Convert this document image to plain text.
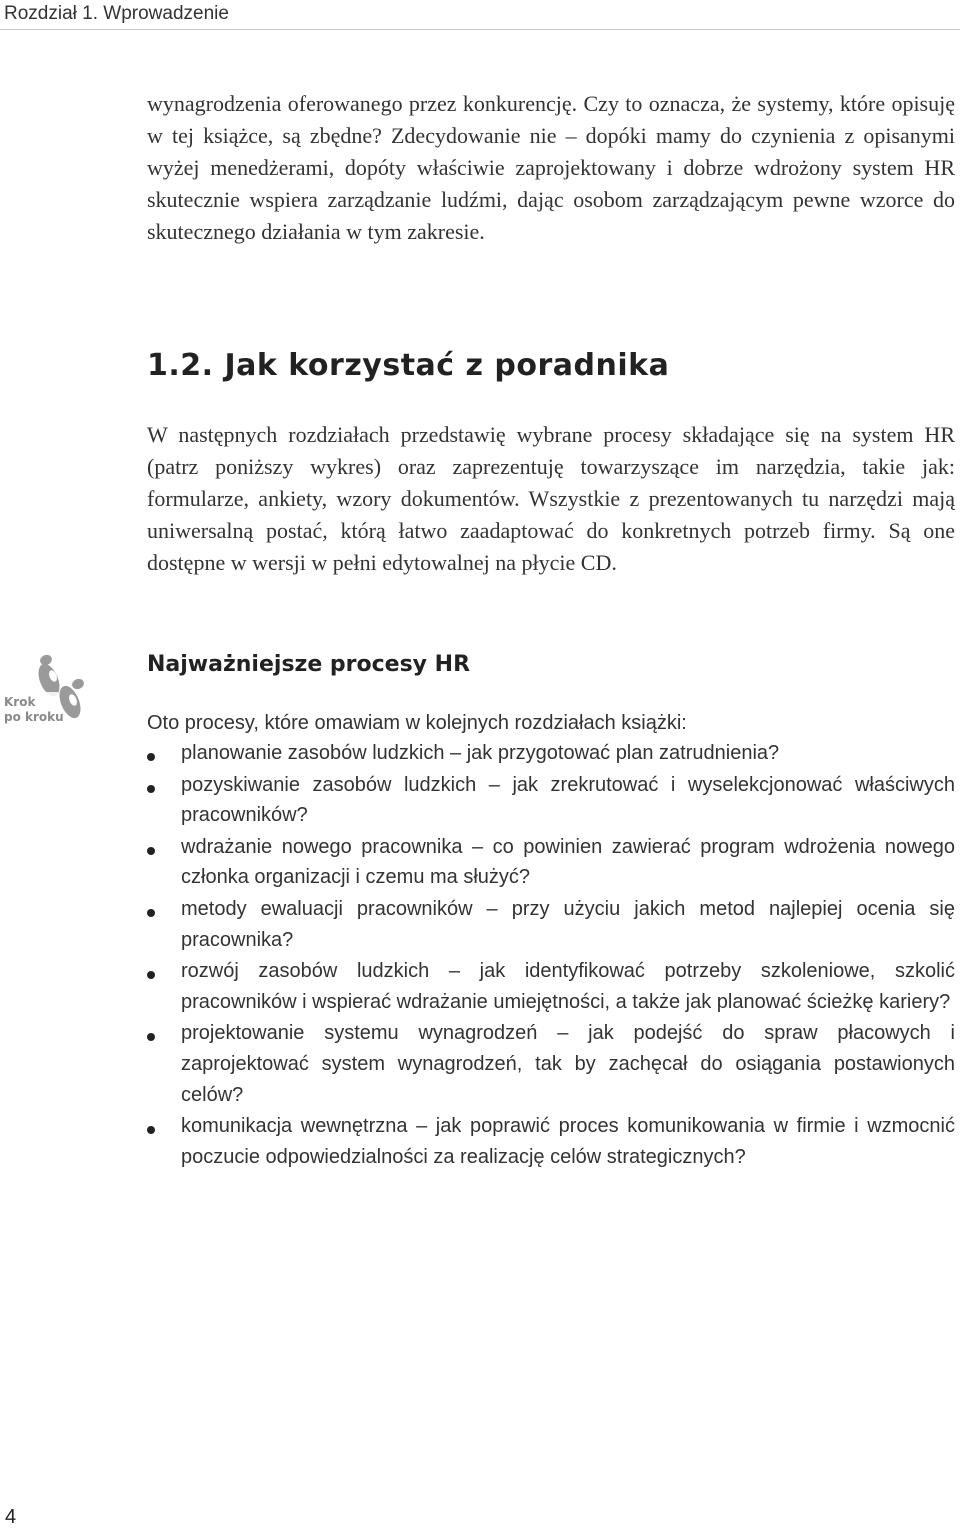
Rozdział 1. Wprowadzenie

wynagrodzenia oferowanego przez konkurencję. Czy to oznacza, że systemy, które opisuję w tej książce, są zbędne? Zdecydowanie nie – dopóki mamy do czynienia z opisanymi wyżej menedżerami, dopóty właściwie zaprojektowany i dobrze wdrożony system HR skutecznie wspiera zarządzanie ludźmi, dając osobom zarządzającym pewne wzorce do skutecznego działania w tym zakresie.

1.2. Jak korzystać z poradnika

W następnych rozdziałach przedstawię wybrane procesy składające się na system HR (patrz poniższy wykres) oraz zaprezentuję towarzyszące im narzędzia, takie jak: formularze, ankiety, wzory dokumentów. Wszystkie z prezentowanych tu narzędzi mają uniwersalną postać, którą łatwo zaadaptować do konkretnych potrzeb firmy. Są one dostępne w wersji w pełni edytowalnej na płycie CD.

Krok
po kroku
Najważniejsze procesy HR

Oto procesy, które omawiam w kolejnych rozdziałach książki:

planowanie zasobów ludzkich – jak przygotować plan zatrudnienia?
pozyskiwanie zasobów ludzkich – jak zrekrutować i wyselekcjonować właściwych pracowników?
wdrażanie nowego pracownika – co powinien zawierać program wdrożenia nowego członka organizacji i czemu ma służyć?
metody ewaluacji pracowników – przy użyciu jakich metod najlepiej ocenia się pracownika?
rozwój zasobów ludzkich – jak identyfikować potrzeby szkoleniowe, szkolić pracowników i wspierać wdrażanie umiejętności, a także jak planować ścieżkę kariery?
projektowanie systemu wynagrodzeń – jak podejść do spraw płacowych i zaprojektować system wynagrodzeń, tak by zachęcał do osiągania postawionych celów?
komunikacja wewnętrzna – jak poprawić proces komunikowania w firmie i wzmocnić poczucie odpowiedzialności za realizację celów strategicznych?

4
